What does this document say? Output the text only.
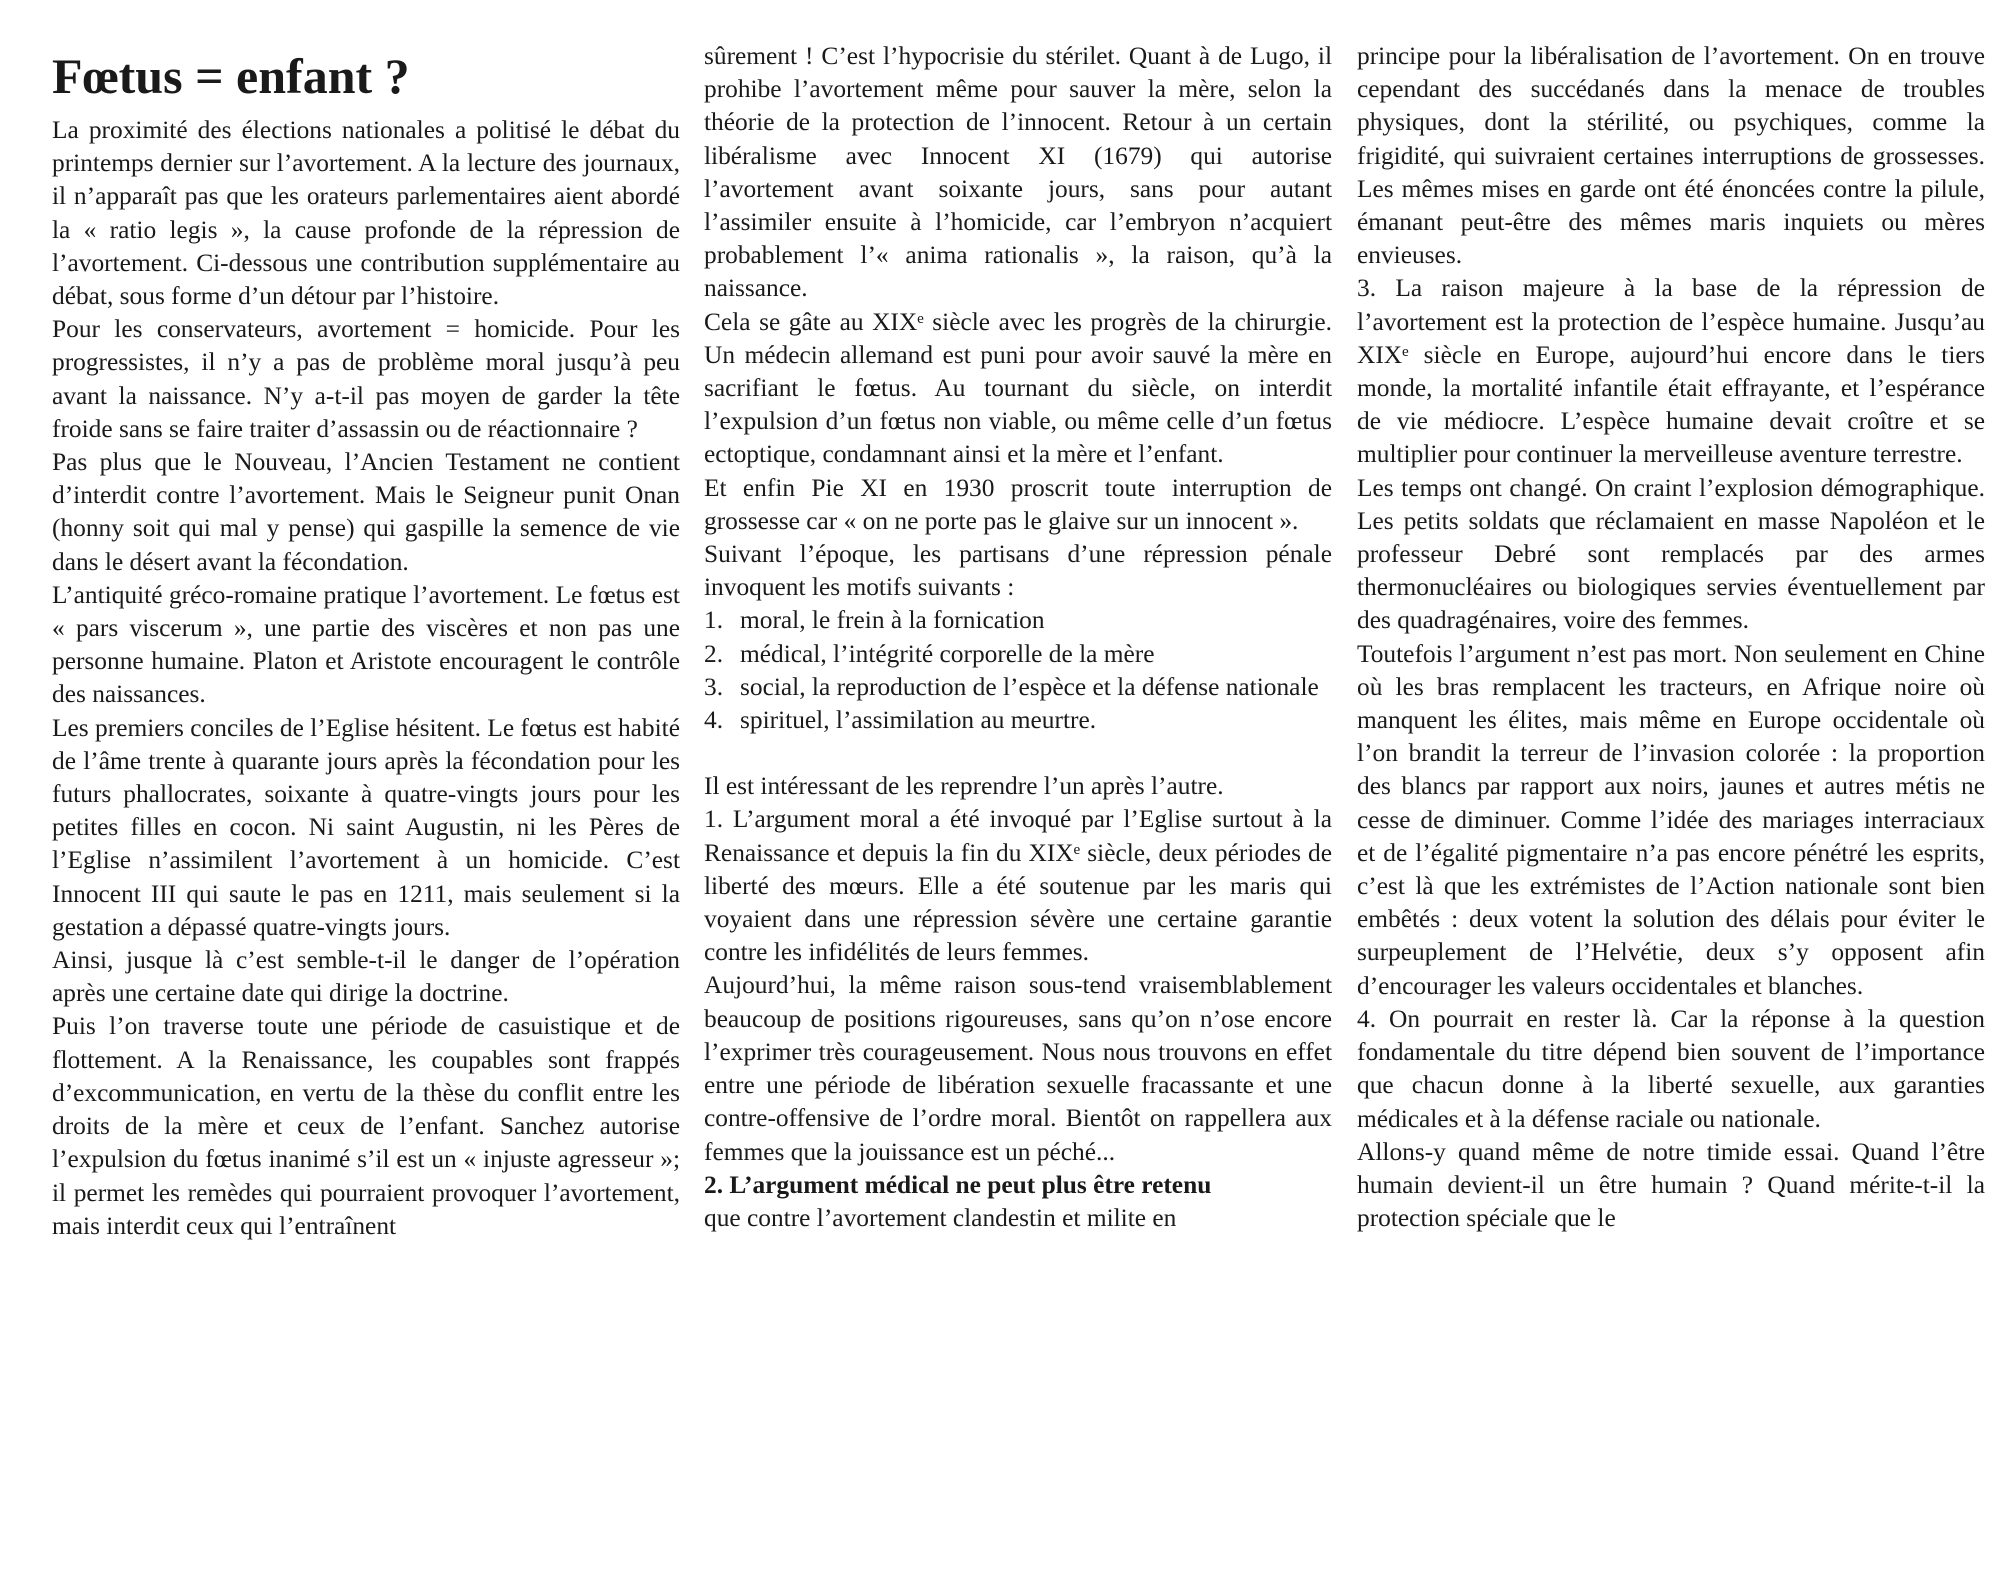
Fœtus = enfant ?

La proximité des élections nationales a politisé le débat du printemps dernier sur l’avortement. A la lecture des journaux, il n’apparaît pas que les orateurs parlementaires aient abordé la « ratio legis », la cause profonde de la répression de l’avortement. Ci-dessous une contribution supplémentaire au débat, sous forme d’un détour par l’histoire.

Pour les conservateurs, avortement = homicide. Pour les progressistes, il n’y a pas de problème moral jusqu’à peu avant la naissance. N’y a-t-il pas moyen de garder la tête froide sans se faire traiter d’assassin ou de réactionnaire ?

Pas plus que le Nouveau, l’Ancien Testament ne contient d’interdit contre l’avortement. Mais le Seigneur punit Onan (honny soit qui mal y pense) qui gaspille la semence de vie dans le désert avant la fécondation.

L’antiquité gréco-romaine pratique l’avortement. Le fœtus est « pars viscerum », une partie des viscères et non pas une personne humaine. Platon et Aristote encouragent le contrôle des naissances.

Les premiers conciles de l’Eglise hésitent. Le fœtus est habité de l’âme trente à quarante jours après la fécondation pour les futurs phallocrates, soixante à quatre-vingts jours pour les petites filles en cocon. Ni saint Augustin, ni les Pères de l’Eglise n’assimilent l’avortement à un homicide. C’est Innocent III qui saute le pas en 1211, mais seulement si la gestation a dépassé quatre-vingts jours.

Ainsi, jusque là c’est semble-t-il le danger de l’opération après une certaine date qui dirige la doctrine.

Puis l’on traverse toute une période de casuistique et de flottement. A la Renaissance, les coupables sont frappés d’excommunication, en vertu de la thèse du conflit entre les droits de la mère et ceux de l’enfant. Sanchez autorise l’expulsion du fœtus inanimé s’il est un « injuste agresseur »; il permet les remèdes qui pourraient provoquer l’avortement, mais interdit ceux qui l’entraînent

sûrement ! C’est l’hypocrisie du stérilet. Quant à de Lugo, il prohibe l’avortement même pour sauver la mère, selon la théorie de la protection de l’innocent. Retour à un certain libéralisme avec Innocent XI (1679) qui autorise l’avortement avant soixante jours, sans pour autant l’assimiler ensuite à l’homicide, car l’embryon n’acquiert probablement l’« anima rationalis », la raison, qu’à la naissance.

Cela se gâte au XIXᵉ siècle avec les progrès de la chirurgie. Un médecin allemand est puni pour avoir sauvé la mère en sacrifiant le fœtus. Au tournant du siècle, on interdit l’expulsion d’un fœtus non viable, ou même celle d’un fœtus ectoptique, condamnant ainsi et la mère et l’enfant.

Et enfin Pie XI en 1930 proscrit toute interruption de grossesse car « on ne porte pas le glaive sur un innocent ».

Suivant l’époque, les partisans d’une répression pénale invoquent les motifs suivants :

1. moral, le frein à la fornication
2. médical, l’intégrité corporelle de la mère
3. social, la reproduction de l’espèce et la défense nationale
4. spirituel, l’assimilation au meurtre.

Il est intéressant de les reprendre l’un après l’autre.

1. L’argument moral a été invoqué par l’Eglise surtout à la Renaissance et depuis la fin du XIXᵉ siècle, deux périodes de liberté des mœurs. Elle a été soutenue par les maris qui voyaient dans une répression sévère une certaine garantie contre les infidélités de leurs femmes.

Aujourd’hui, la même raison sous-tend vraisemblablement beaucoup de positions rigoureuses, sans qu’on n’ose encore l’exprimer très courageusement. Nous nous trouvons en effet entre une période de libération sexuelle fracassante et une contre-offensive de l’ordre moral. Bientôt on rappellera aux femmes que la jouissance est un péché...

2. L’argument médical ne peut plus être retenu

que contre l’avortement clandestin et milite en

principe pour la libéralisation de l’avortement. On en trouve cependant des succédanés dans la menace de troubles physiques, dont la stérilité, ou psychiques, comme la frigidité, qui suivraient certaines interruptions de grossesses. Les mêmes mises en garde ont été énoncées contre la pilule, émanant peut-être des mêmes maris inquiets ou mères envieuses.

3. La raison majeure à la base de la répression de l’avortement est la protection de l’espèce humaine. Jusqu’au XIXᵉ siècle en Europe, aujourd’hui encore dans le tiers monde, la mortalité infantile était effrayante, et l’espérance de vie médiocre. L’espèce humaine devait croître et se multiplier pour continuer la merveilleuse aventure terrestre.

Les temps ont changé. On craint l’explosion démographique. Les petits soldats que réclamaient en masse Napoléon et le professeur Debré sont remplacés par des armes thermonucléaires ou biologiques servies éventuellement par des quadragénaires, voire des femmes.

Toutefois l’argument n’est pas mort. Non seulement en Chine où les bras remplacent les tracteurs, en Afrique noire où manquent les élites, mais même en Europe occidentale où l’on brandit la terreur de l’invasion colorée : la proportion des blancs par rapport aux noirs, jaunes et autres métis ne cesse de diminuer. Comme l’idée des mariages interraciaux et de l’égalité pigmentaire n’a pas encore pénétré les esprits, c’est là que les extrémistes de l’Action nationale sont bien embêtés : deux votent la solution des délais pour éviter le surpeuplement de l’Helvétie, deux s’y opposent afin d’encourager les valeurs occidentales et blanches.

4. On pourrait en rester là. Car la réponse à la question fondamentale du titre dépend bien souvent de l’importance que chacun donne à la liberté sexuelle, aux garanties médicales et à la défense raciale ou nationale.

Allons-y quand même de notre timide essai. Quand l’être humain devient-il un être humain ? Quand mérite-t-il la protection spéciale que le
